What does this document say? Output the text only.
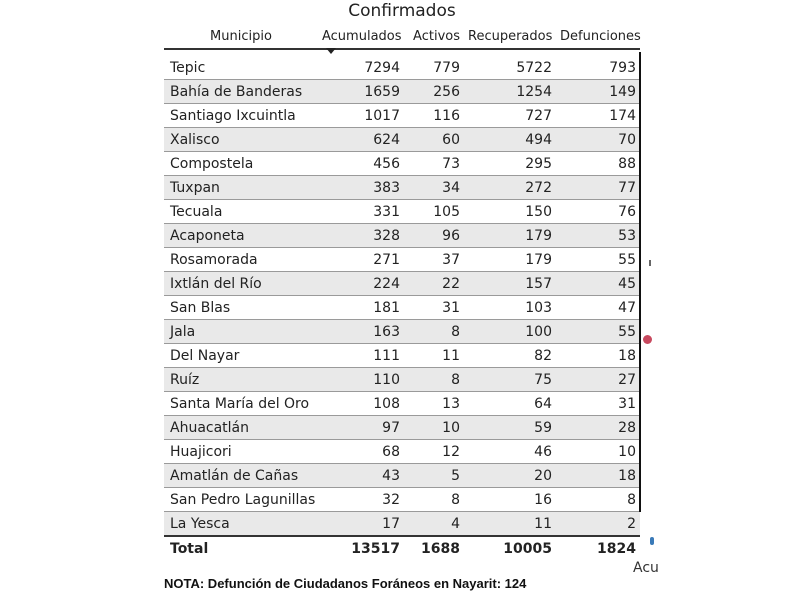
Confirmados
Municipio	Acumulados	Activos	Recuperados	Defunciones

Tepic	7294	779	5722	793
Bahía de Banderas	1659	256	1254	149
Santiago Ixcuintla	1017	116	727	174
Xalisco	624	60	494	70
Compostela	456	73	295	88
Tuxpan	383	34	272	77
Tecuala	331	105	150	76
Acaponeta	328	96	179	53
Rosamorada	271	37	179	55
Ixtlán del Río	224	22	157	45
San Blas	181	31	103	47
Jala	163	8	100	55
Del Nayar	111	11	82	18
Ruíz	110	8	75	27
Santa María del Oro	108	13	64	31
Ahuacatlán	97	10	59	28
Huajicori	68	12	46	10
Amatlán de Cañas	43	5	20	18
San Pedro Lagunillas	32	8	16	8
La Yesca	17	4	11	2
Total	13517	1688	10005	1824
Acu
NOTA: Defunción de Ciudadanos Foráneos en Nayarit: 124
